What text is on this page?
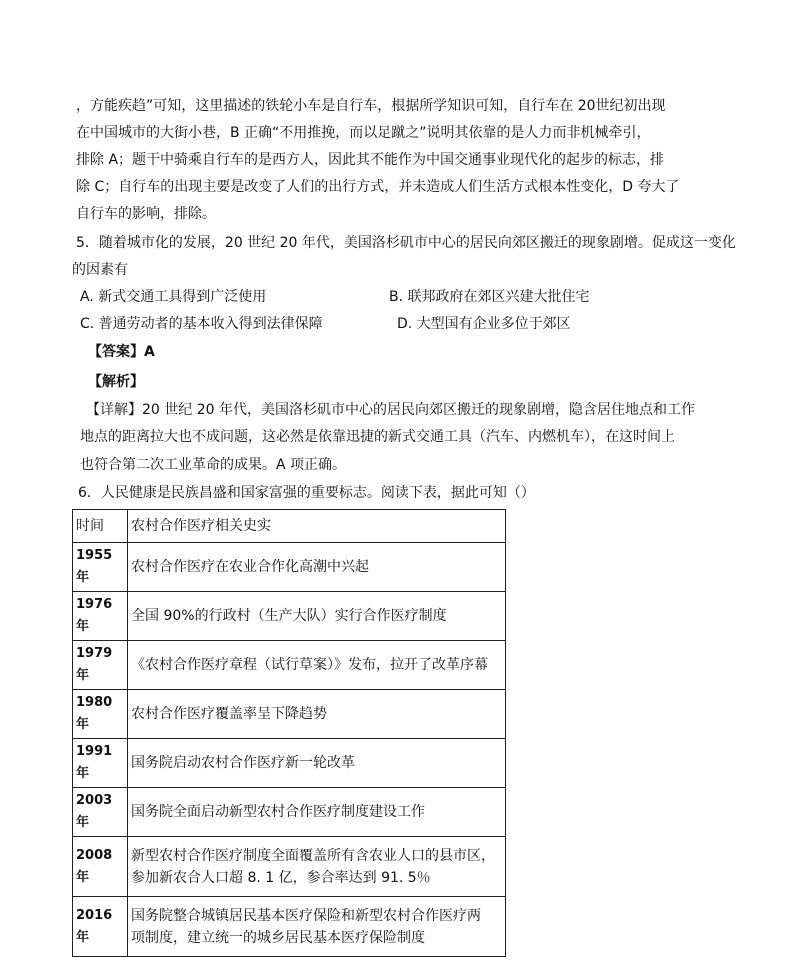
，方能疾趋”可知，这里描述的铁轮小车是自行车，根据所学知识可知，自行车在 20世纪初出现
在中国城市的大街小巷，B 正确“不用推挽，而以足蹴之”说明其依靠的是人力而非机械牵引，
排除 A；题干中骑乘自行车的是西方人，因此其不能作为中国交通事业现代化的起步的标志，排
除 C；自行车的出现主要是改变了人们的出行方式，并未造成人们生活方式根本性变化，D 夸大了
自行车的影响，排除。
5．随着城市化的发展，20 世纪 20 年代，美国洛杉矶市中心的居民向郊区搬迁的现象剧增。促成这一变化
的因素有
A. 新式交通工具得到广泛使用	B. 联邦政府在郊区兴建大批住宅
C. 普通劳动者的基本收入得到法律保障	D. 大型国有企业多位于郊区
【答案】A
【解析】
【详解】20 世纪 20 年代，美国洛杉矶市中心的居民向郊区搬迁的现象剧增，隐含居住地点和工作
地点的距离拉大也不成问题，这必然是依靠迅捷的新式交通工具（汽车、内燃机车），在这时间上
也符合第二次工业革命的成果。A 项正确。
6．人民健康是民族昌盛和国家富强的重要标志。阅读下表，据此可知（）
时间	农村合作医疗相关史实
1955 年	农村合作医疗在农业合作化高潮中兴起
1976 年	全国 90%的行政村（生产大队）实行合作医疗制度
1979 年	《农村合作医疗章程（试行草案）》发布，拉开了改革序幕
1980 年	农村合作医疗覆盖率呈下降趋势
1991 年	国务院启动农村合作医疗新一轮改革
2003 年	国务院全面启动新型农村合作医疗制度建设工作
2008 年	新型农村合作医疗制度全面覆盖所有含农业人口的县市区，
参加新农合人口超 8. 1 亿，参合率达到 91. 5％

2016 年	国务院整合城镇居民基本医疗保险和新型农村合作医疗两
项制度，建立统一的城乡居民基本医疗保险制度
